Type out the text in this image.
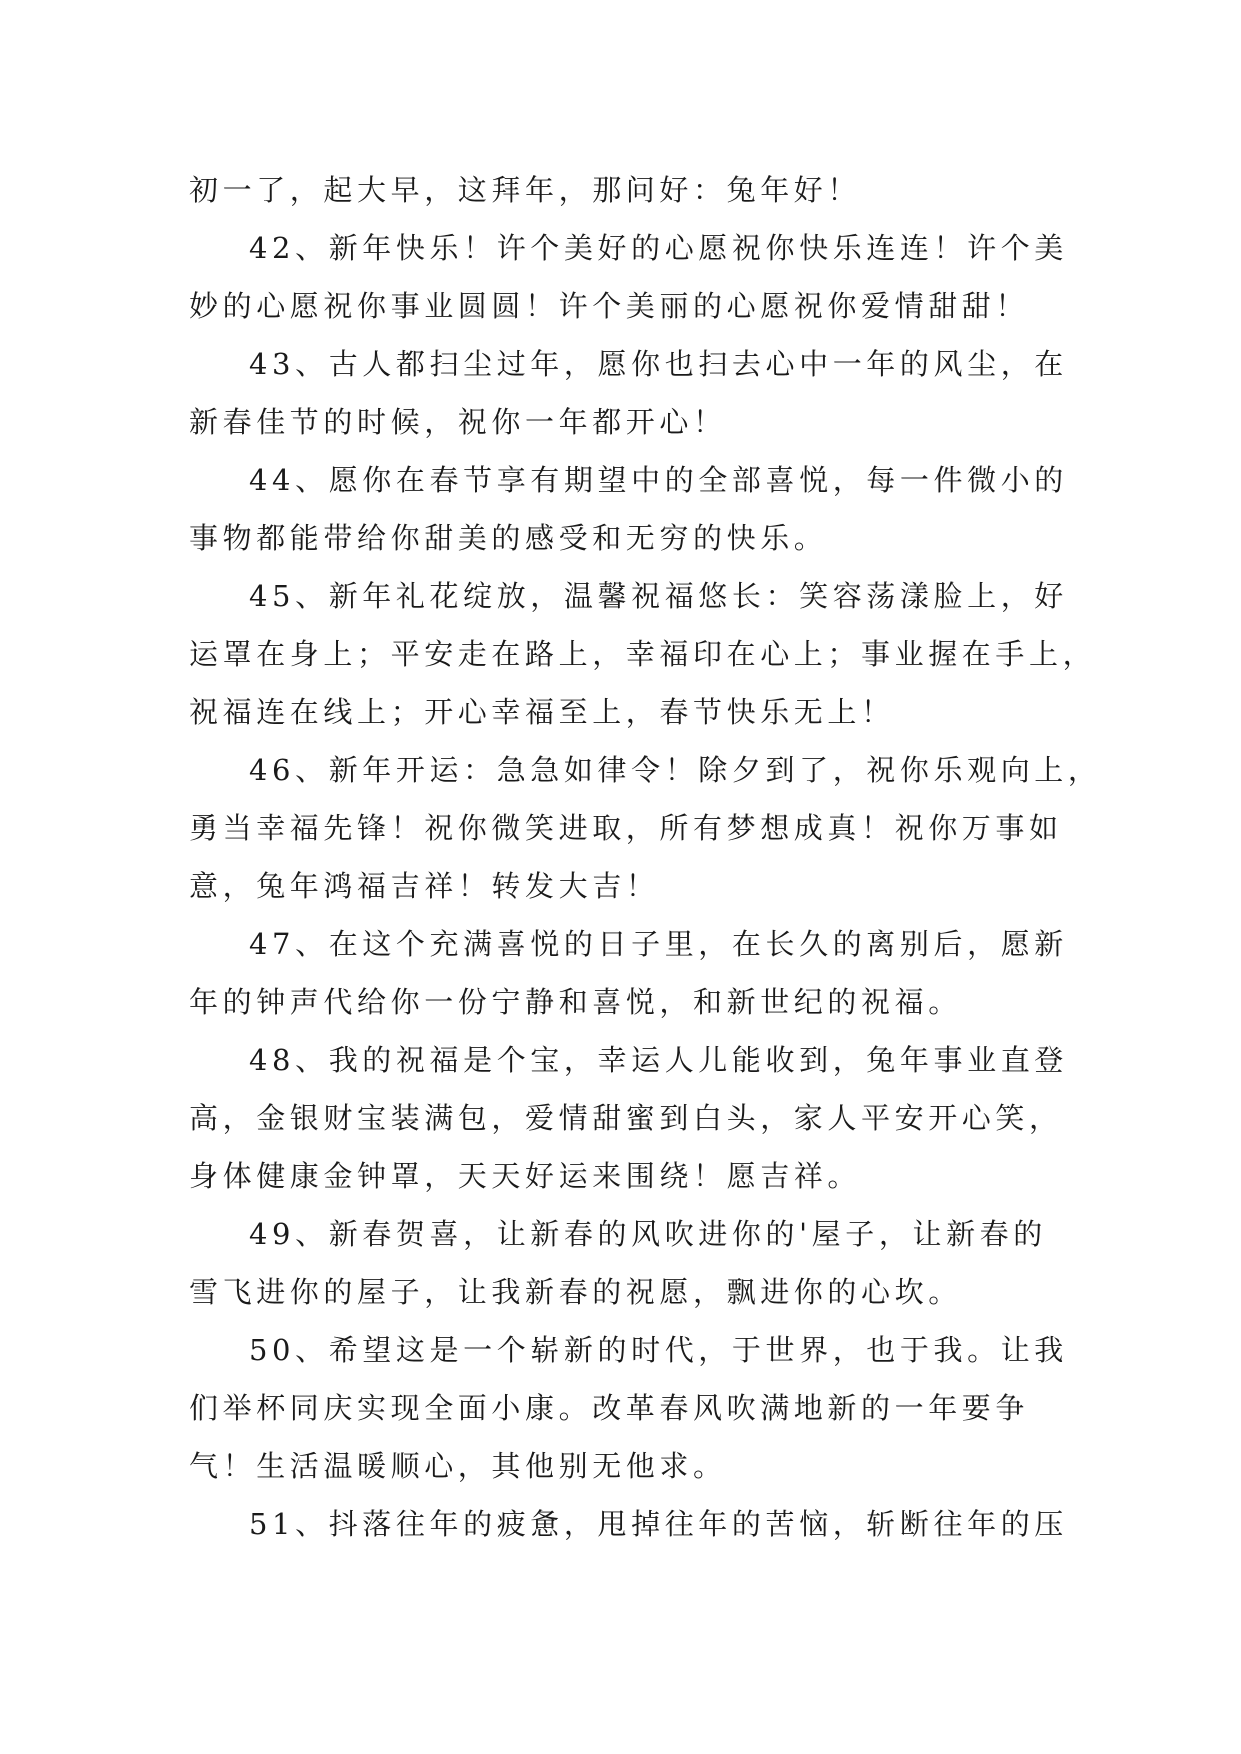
初一了，起大早，这拜年，那问好：兔年好！
42、新年快乐！许个美好的心愿祝你快乐连连！许个美
妙的心愿祝你事业圆圆！许个美丽的心愿祝你爱情甜甜！
43、古人都扫尘过年，愿你也扫去心中一年的风尘，在
新春佳节的时候，祝你一年都开心！
44、愿你在春节享有期望中的全部喜悦，每一件微小的
事物都能带给你甜美的感受和无穷的快乐。
45、新年礼花绽放，温馨祝福悠长：笑容荡漾脸上，好
运罩在身上；平安走在路上，幸福印在心上；事业握在手上，
祝福连在线上；开心幸福至上，春节快乐无上！
46、新年开运：急急如律令！除夕到了，祝你乐观向上，
勇当幸福先锋！祝你微笑进取，所有梦想成真！祝你万事如
意，兔年鸿福吉祥！转发大吉！
47、在这个充满喜悦的日子里，在长久的离别后，愿新
年的钟声代给你一份宁静和喜悦，和新世纪的祝福。
48、我的祝福是个宝，幸运人儿能收到，兔年事业直登
高，金银财宝装满包，爱情甜蜜到白头，家人平安开心笑，
身体健康金钟罩，天天好运来围绕！愿吉祥。
49、新春贺喜，让新春的风吹进你的'屋子，让新春的
雪飞进你的屋子，让我新春的祝愿，飘进你的心坎。
50、希望这是一个崭新的时代，于世界，也于我。让我
们举杯同庆实现全面小康。改革春风吹满地新的一年要争
气！生活温暖顺心，其他别无他求。
51、抖落往年的疲惫，甩掉往年的苦恼，斩断往年的压
